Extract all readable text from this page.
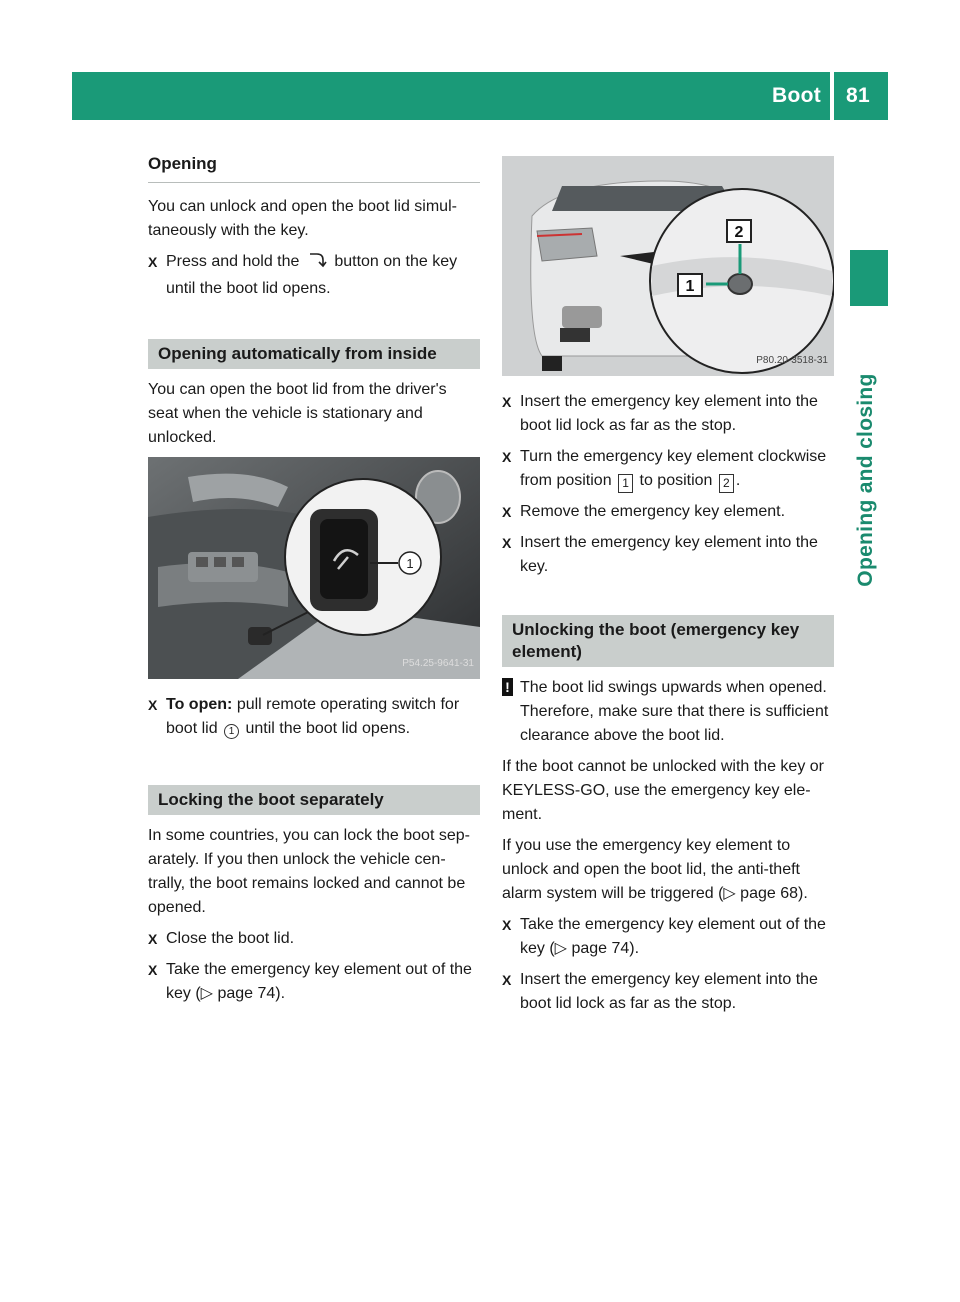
Boot 81
Opening and closing
Opening

You can unlock and open the boot lid simul-taneously with the key.

X Press and hold the button on the key until the boot lid opens.
Opening automatically from inside

You can open the boot lid from the driver's seat when the vehicle is stationary and unlocked.

1
P54.25-9641-31
X To open: pull remote operating switch for boot lid 1 until the boot lid opens.
Locking the boot separately

In some countries, you can lock the boot sep-arately. If you then unlock the vehicle cen-trally, the boot remains locked and cannot be opened.

X Close the boot lid.
X Take the emergency key element out of the key (▷ page 74).
2
1
P80.20-3518-31
X Insert the emergency key element into the boot lid lock as far as the stop.
X Turn the emergency key element clockwise from position 1 to position 2 .
X Remove the emergency key element.
X Insert the emergency key element into the key.
Unlocking the boot (emergency key element)
! The boot lid swings upwards when opened. Therefore, make sure that there is sufficient clearance above the boot lid.

If the boot cannot be unlocked with the key or KEYLESS-GO, use the emergency key ele-ment.

If you use the emergency key element to unlock and open the boot lid, the anti-theft alarm system will be triggered (▷ page 68).

X Take the emergency key element out of the key (▷ page 74).
X Insert the emergency key element into the boot lid lock as far as the stop.
